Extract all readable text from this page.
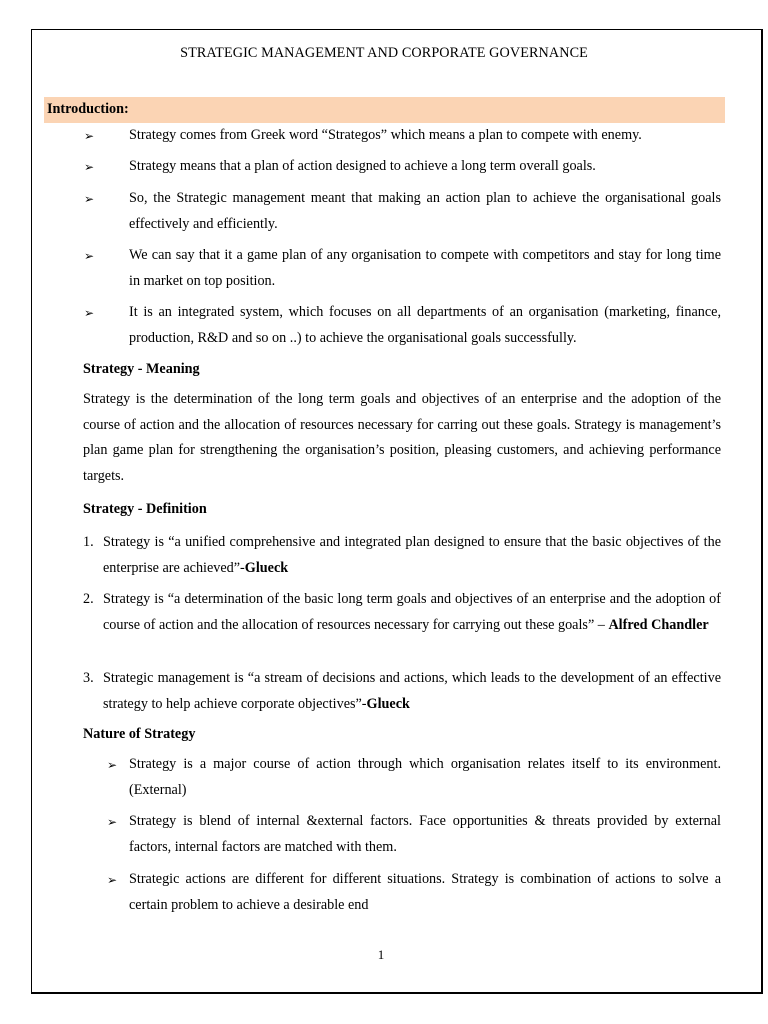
STRATEGIC MANAGEMENT AND CORPORATE GOVERNANCE
Introduction:
➢ Strategy comes from Greek word “Strategos” which means a plan to compete with enemy.
➢ Strategy means that a plan of action designed to achieve a long term overall goals.
➢ So, the Strategic management meant that making an action plan to achieve the organisational goals effectively and efficiently.
➢ We can say that it a game plan of any organisation to compete with competitors and stay for long time in market on top position.
➢ It is an integrated system, which focuses on all departments of an organisation (marketing, finance, production, R&D and so on ..) to achieve the organisational goals successfully.
Strategy - Meaning
Strategy is the determination of the long term goals and objectives of an enterprise and the adoption of the course of action and the allocation of resources necessary for carring out these goals. Strategy is management’s plan game plan for strengthening the organisation’s position, pleasing customers, and achieving performance targets.
Strategy - Definition
1. Strategy is “a unified comprehensive and integrated plan designed to ensure that the basic objectives of the enterprise are achieved”-Glueck
2. Strategy is “a determination of the basic long term goals and objectives of an enterprise and the adoption of course of action and the allocation of resources necessary for carrying out these goals” – Alfred Chandler
3. Strategic management is “a stream of decisions and actions, which leads to the development of an effective strategy to help achieve corporate objectives”-Glueck
Nature of Strategy
➢ Strategy is a major course of action through which organisation relates itself to its environment. (External)
➢ Strategy is blend of internal &external factors. Face opportunities & threats provided by external factors, internal factors are matched with them.
➢ Strategic actions are different for different situations. Strategy is combination of actions to solve a certain problem to achieve a desirable end
1
